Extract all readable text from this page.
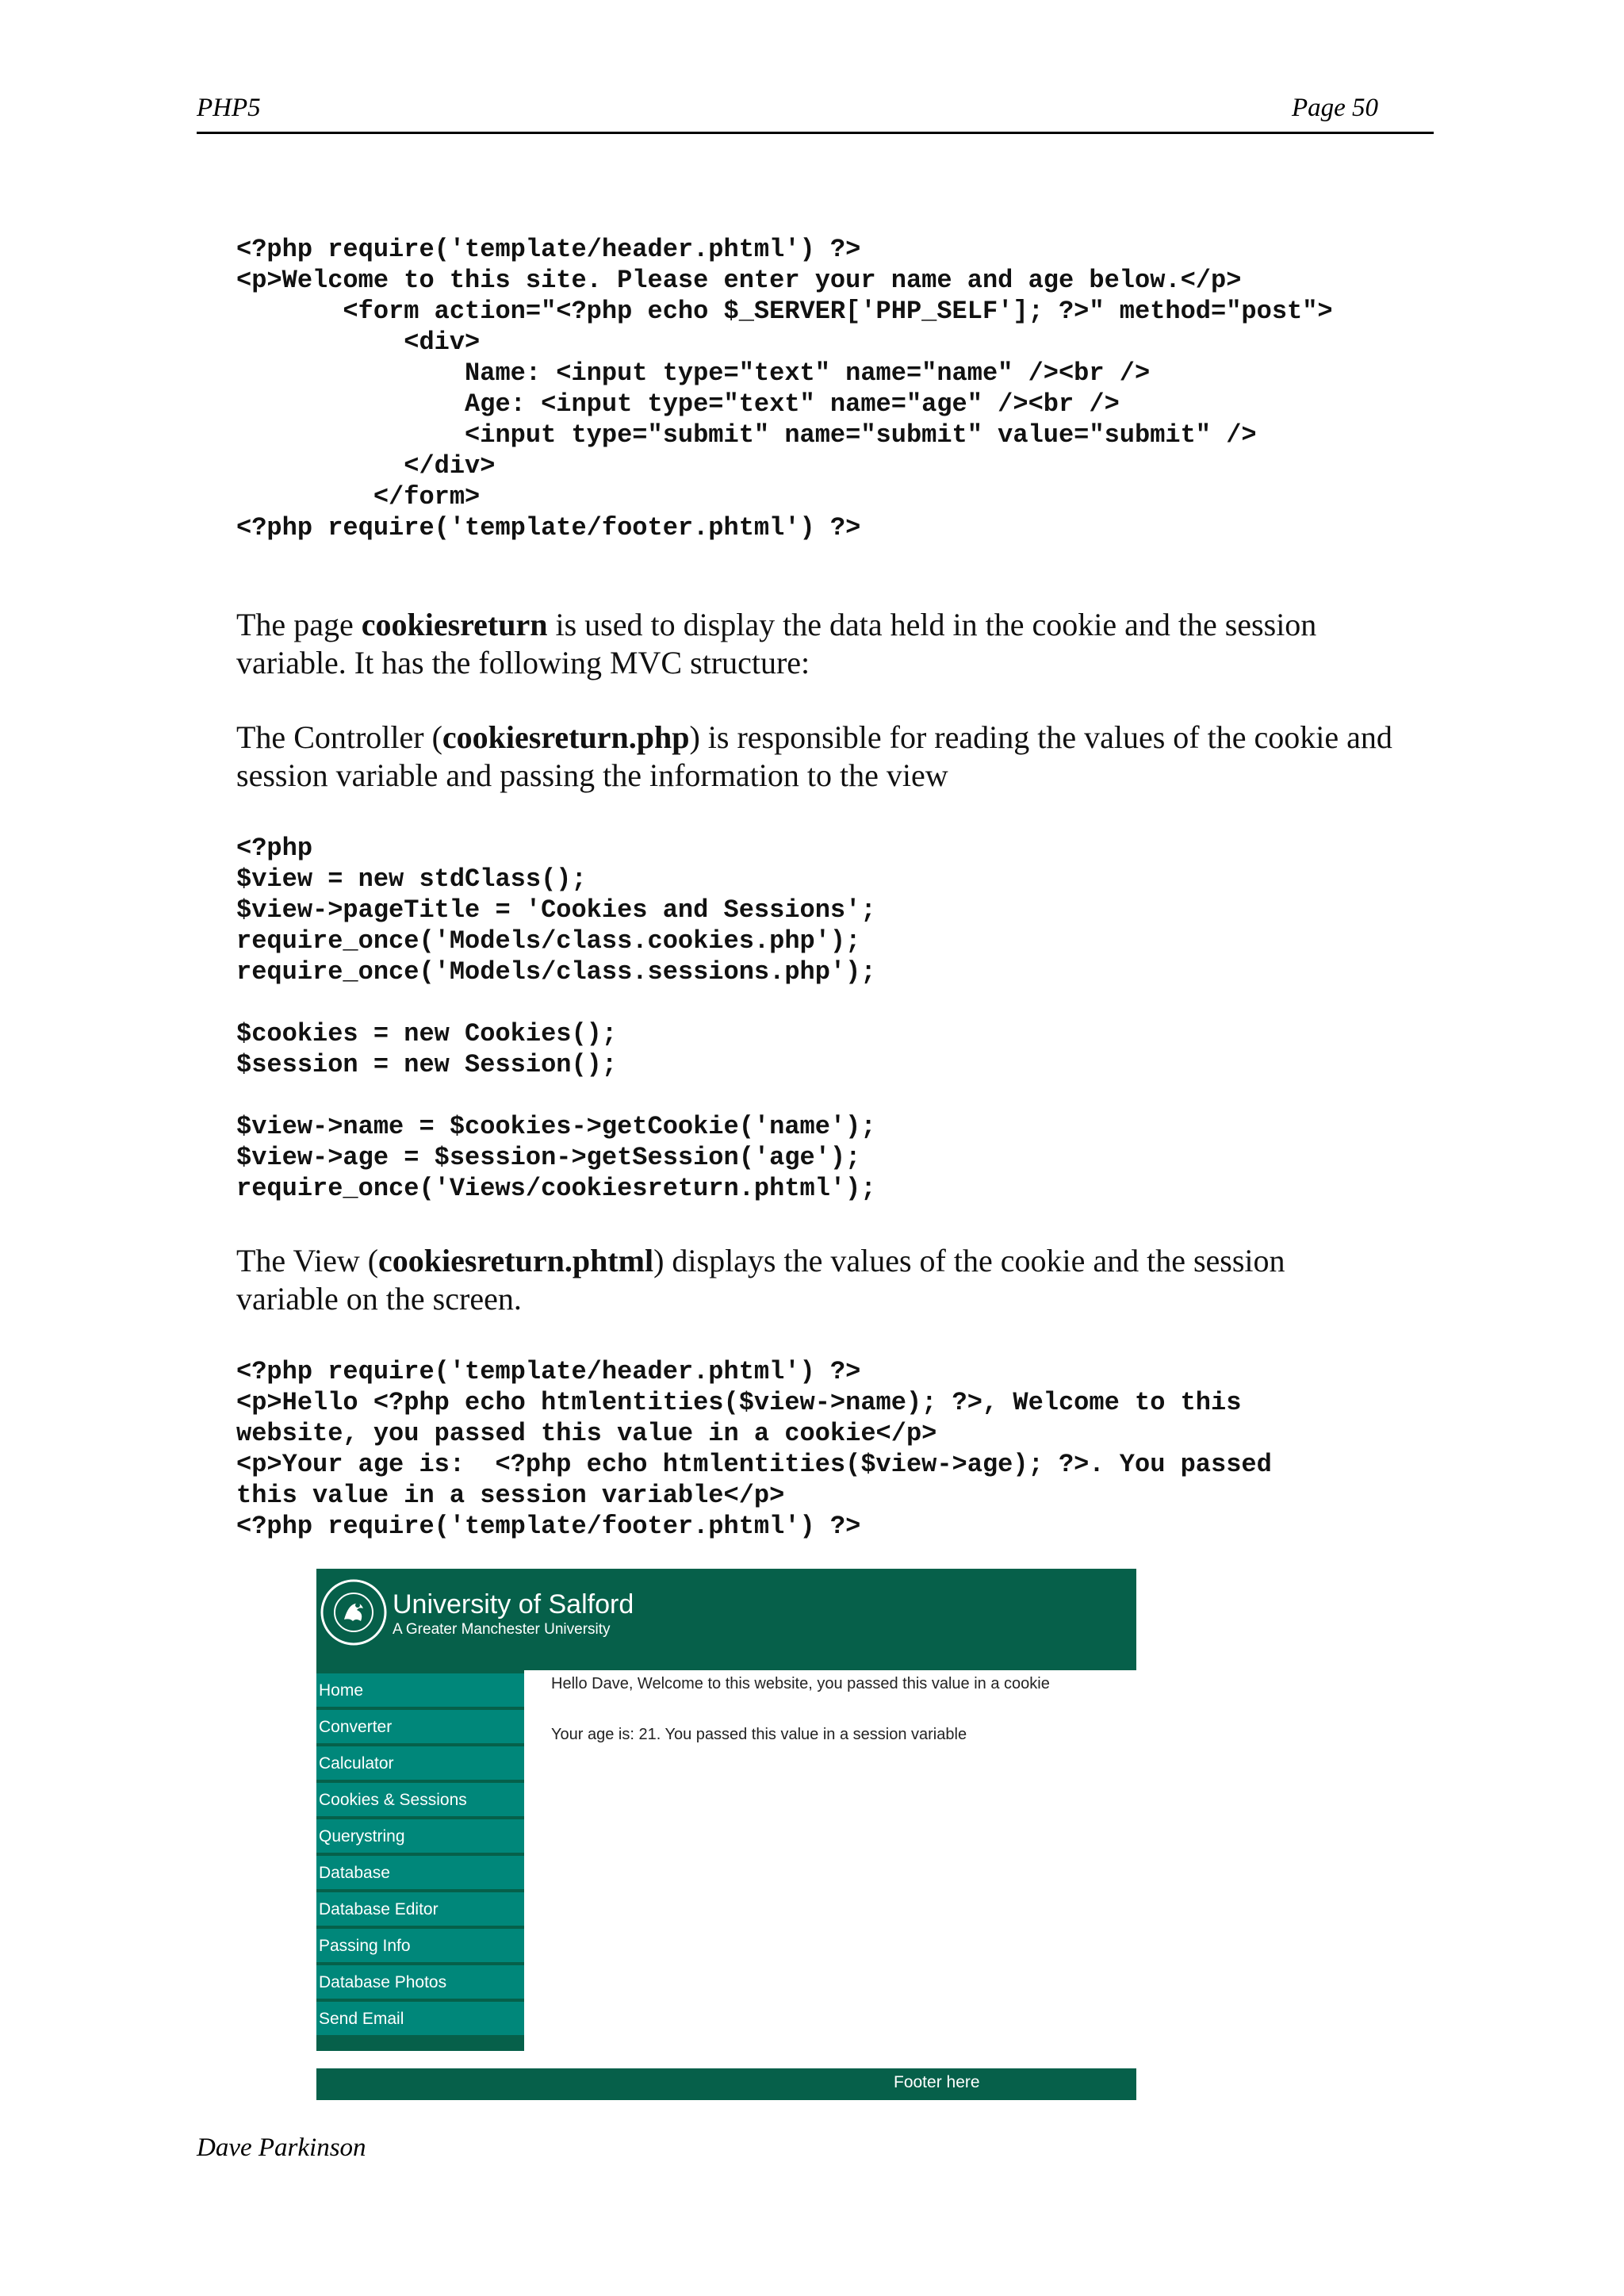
PHP5	Page 50
<?php require('template/header.phtml') ?>
<p>Welcome to this site. Please enter your name and age below.</p>
<form action="<?php echo $_SERVER['PHP_SELF']; ?>" method="post">
<div>
Name: <input type="text" name="name" /><br />
Age: <input type="text" name="age" /><br />
<input type="submit" name="submit" value="submit" />
</div>
</form>
<?php require('template/footer.phtml') ?>

The page cookiesreturn is used to display the data held in the cookie and the session variable. It has the following MVC structure:

The Controller (cookiesreturn.php) is responsible for reading the values of the cookie and session variable and passing the information to the view

<?php
$view = new stdClass();
$view->pageTitle = 'Cookies and Sessions';
require_once('Models/class.cookies.php');
require_once('Models/class.sessions.php');

$cookies = new Cookies();
$session = new Session();

$view->name = $cookies->getCookie('name');
$view->age = $session->getSession('age');
require_once('Views/cookiesreturn.phtml');

The View (cookiesreturn.phtml) displays the values of the cookie and the session variable on the screen.

<?php require('template/header.phtml') ?>
<p>Hello <?php echo htmlentities($view->name); ?>, Welcome to this
website, you passed this value in a cookie</p>
<p>Your age is:  <?php echo htmlentities($view->age); ?>. You passed
this value in a session variable</p>
<?php require('template/footer.phtml') ?>
University of Salford
A Greater Manchester University
Home
Converter
Calculator
Cookies & Sessions
Querystring
Database
Database Editor
Passing Info
Database Photos
Send Email
Hello Dave, Welcome to this website, you passed this value in a cookie
Your age is: 21. You passed this value in a session variable
Footer here
Dave Parkinson
